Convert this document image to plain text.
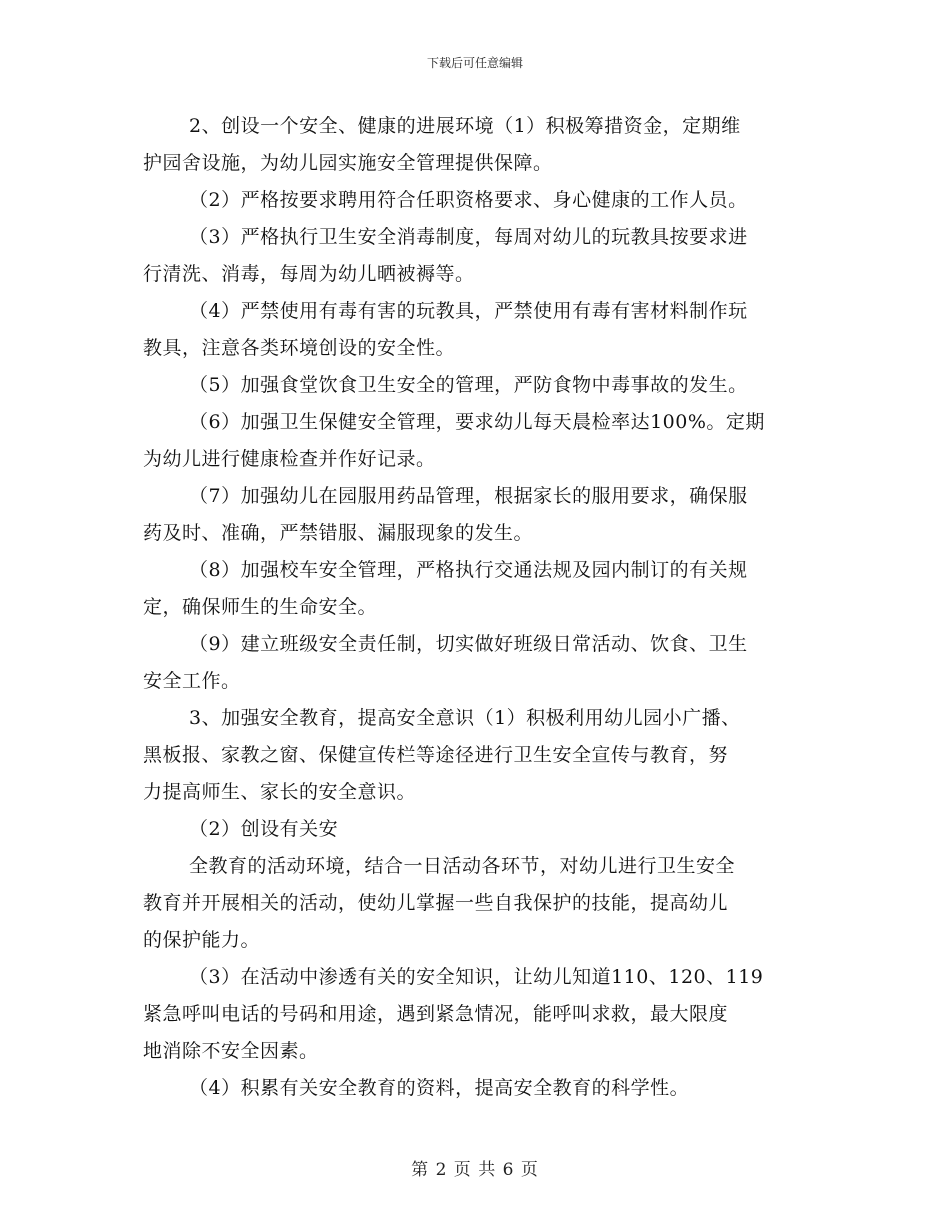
下载后可任意编辑

2、创设一个安全、健康的进展环境（1）积极筹措资金，定期维
护园舍设施，为幼儿园实施安全管理提供保障。

（2）严格按要求聘用符合任职资格要求、身心健康的工作人员。

（3）严格执行卫生安全消毒制度，每周对幼儿的玩教具按要求进
行清洗、消毒，每周为幼儿晒被褥等。

（4）严禁使用有毒有害的玩教具，严禁使用有毒有害材料制作玩
教具，注意各类环境创设的安全性。

（5）加强食堂饮食卫生安全的管理，严防食物中毒事故的发生。

（6）加强卫生保健安全管理，要求幼儿每天晨检率达100%。定期
为幼儿进行健康检查并作好记录。

（7）加强幼儿在园服用药品管理，根据家长的服用要求，确保服
药及时、准确，严禁错服、漏服现象的发生。

（8）加强校车安全管理，严格执行交通法规及园内制订的有关规
定，确保师生的生命安全。

（9）建立班级安全责任制，切实做好班级日常活动、饮食、卫生
安全工作。

3、加强安全教育，提高安全意识（1）积极利用幼儿园小广播、
黑板报、家教之窗、保健宣传栏等途径进行卫生安全宣传与教育，努
力提高师生、家长的安全意识。

（2）创设有关安

全教育的活动环境，结合一日活动各环节，对幼儿进行卫生安全
教育并开展相关的活动，使幼儿掌握一些自我保护的技能，提高幼儿
的保护能力。

（3）在活动中渗透有关的安全知识，让幼儿知道110、120、119
紧急呼叫电话的号码和用途，遇到紧急情况，能呼叫求救，最大限度
地消除不安全因素。

（4）积累有关安全教育的资料，提高安全教育的科学性。

第 2 页 共 6 页
